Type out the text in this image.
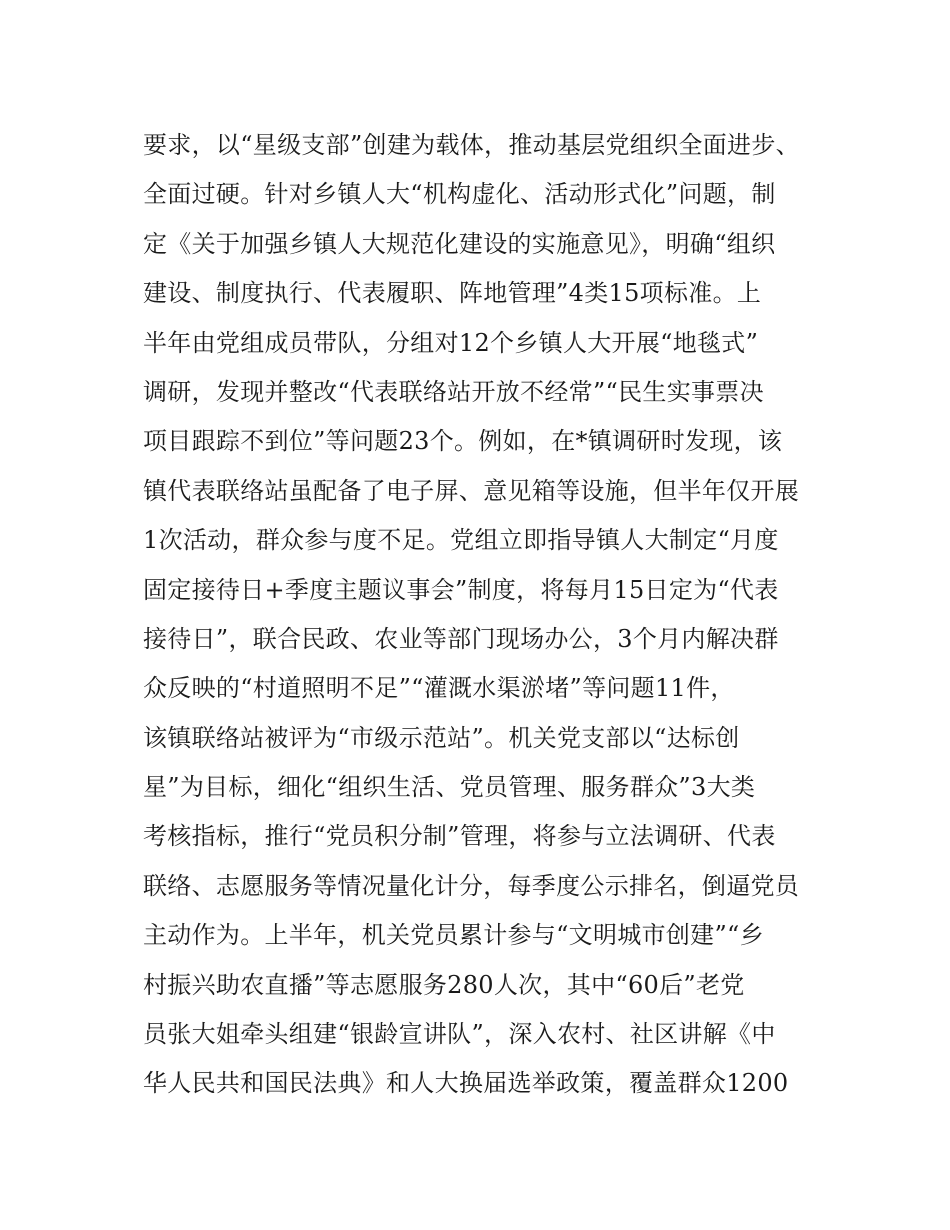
要求，以“星级支部”创建为载体，推动基层党组织全面进步、
全面过硬。针对乡镇人大“机构虚化、活动形式化”问题，制
定《关于加强乡镇人大规范化建设的实施意见》，明确“组织
建设、制度执行、代表履职、阵地管理”4类15项标准。上
半年由党组成员带队，分组对12个乡镇人大开展“地毯式”
调研，发现并整改“代表联络站开放不经常”“民生实事票决
项目跟踪不到位”等问题23个。例如，在*镇调研时发现，该
镇代表联络站虽配备了电子屏、意见箱等设施，但半年仅开展
1次活动，群众参与度不足。党组立即指导镇人大制定“月度
固定接待日+季度主题议事会”制度，将每月15日定为“代表
接待日”，联合民政、农业等部门现场办公，3个月内解决群
众反映的“村道照明不足”“灌溉水渠淤堵”等问题11件，
该镇联络站被评为“市级示范站”。机关党支部以“达标创
星”为目标，细化“组织生活、党员管理、服务群众”3大类
考核指标，推行“党员积分制”管理，将参与立法调研、代表
联络、志愿服务等情况量化计分，每季度公示排名，倒逼党员
主动作为。上半年，机关党员累计参与“文明城市创建”“乡
村振兴助农直播”等志愿服务280人次，其中“60后”老党
员张大姐牵头组建“银龄宣讲队”，深入农村、社区讲解《中
华人民共和国民法典》和人大换届选举政策，覆盖群众1200
